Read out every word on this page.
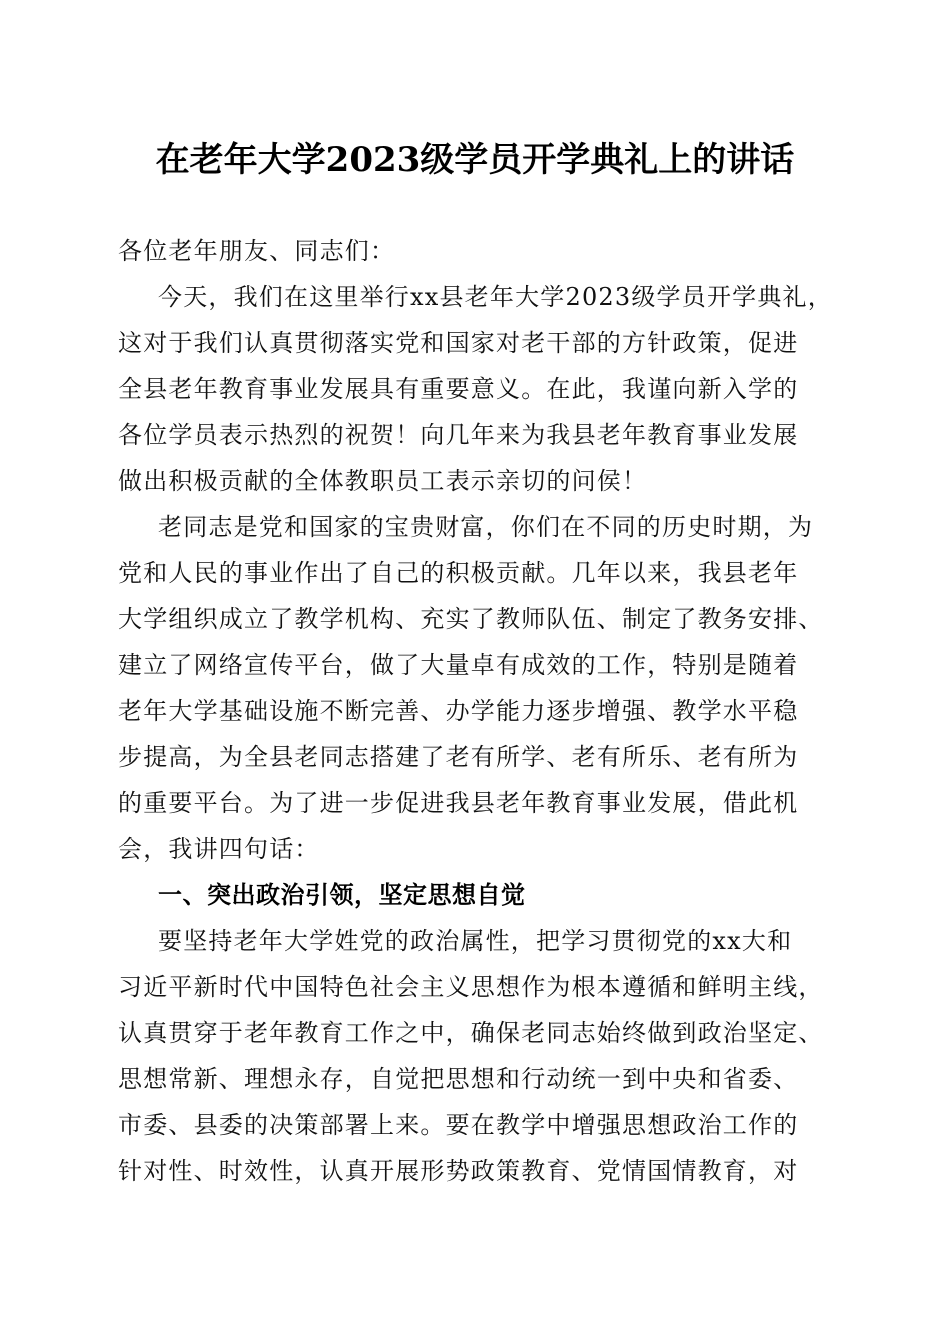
在老年大学2023级学员开学典礼上的讲话
各位老年朋友、同志们：
今天，我们在这里举行xx县老年大学2023级学员开学典礼，
这对于我们认真贯彻落实党和国家对老干部的方针政策，促进
全县老年教育事业发展具有重要意义。在此，我谨向新入学的
各位学员表示热烈的祝贺！向几年来为我县老年教育事业发展
做出积极贡献的全体教职员工表示亲切的问侯！
老同志是党和国家的宝贵财富，你们在不同的历史时期，为
党和人民的事业作出了自己的积极贡献。几年以来，我县老年
大学组织成立了教学机构、充实了教师队伍、制定了教务安排、
建立了网络宣传平台，做了大量卓有成效的工作，特别是随着
老年大学基础设施不断完善、办学能力逐步增强、教学水平稳
步提高，为全县老同志搭建了老有所学、老有所乐、老有所为
的重要平台。为了进一步促进我县老年教育事业发展，借此机
会，我讲四句话：
一、突出政治引领，坚定思想自觉
要坚持老年大学姓党的政治属性，把学习贯彻党的xx大和
习近平新时代中国特色社会主义思想作为根本遵循和鲜明主线，
认真贯穿于老年教育工作之中，确保老同志始终做到政治坚定、
思想常新、理想永存，自觉把思想和行动统一到中央和省委、
市委、县委的决策部署上来。要在教学中增强思想政治工作的
针对性、时效性，认真开展形势政策教育、党情国情教育，对
